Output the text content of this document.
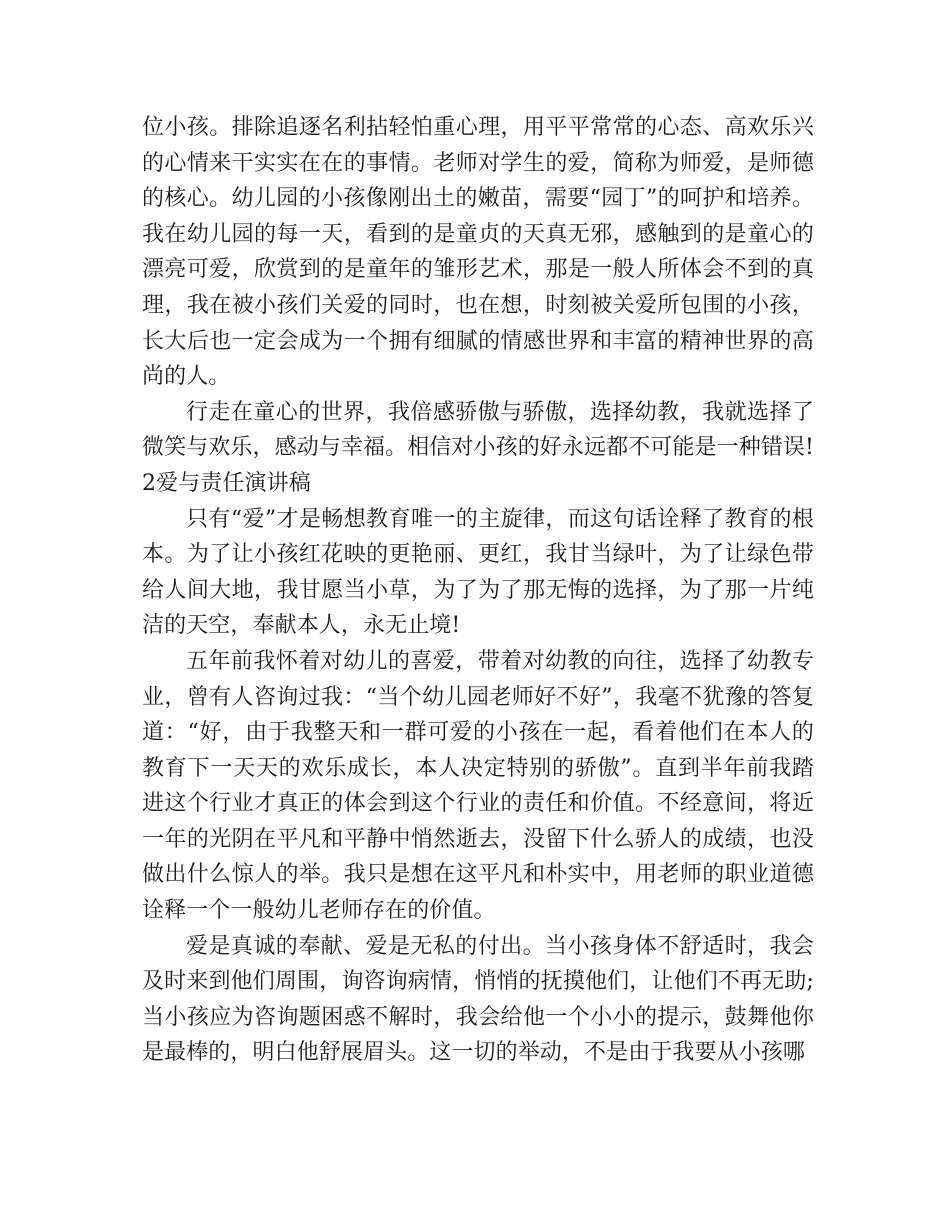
位小孩。排除追逐名利拈轻怕重心理，用平平常常的心态、高欢乐兴的心情来干实实在在的事情。老师对学生的爱，简称为师爱，是师德的核心。幼儿园的小孩像刚出土的嫩苗，需要“园丁”的呵护和培养。我在幼儿园的每一天，看到的是童贞的天真无邪，感触到的是童心的漂亮可爱，欣赏到的是童年的雏形艺术，那是一般人所体会不到的真理，我在被小孩们关爱的同时，也在想，时刻被关爱所包围的小孩，长大后也一定会成为一个拥有细腻的情感世界和丰富的精神世界的高尚的人。

行走在童心的世界，我倍感骄傲与骄傲，选择幼教，我就选择了微笑与欢乐，感动与幸福。相信对小孩的好永远都不可能是一种错误!

2爱与责任演讲稿

只有“爱”才是畅想教育唯一的主旋律，而这句话诠释了教育的根本。为了让小孩红花映的更艳丽、更红，我甘当绿叶，为了让绿色带给人间大地，我甘愿当小草，为了为了那无悔的选择，为了那一片纯洁的天空，奉献本人，永无止境!

五年前我怀着对幼儿的喜爱，带着对幼教的向往，选择了幼教专业，曾有人咨询过我：“当个幼儿园老师好不好”，我毫不犹豫的答复道：“好，由于我整天和一群可爱的小孩在一起，看着他们在本人的教育下一天天的欢乐成长，本人决定特别的骄傲”。直到半年前我踏进这个行业才真正的体会到这个行业的责任和价值。不经意间，将近一年的光阴在平凡和平静中悄然逝去，没留下什么骄人的成绩，也没做出什么惊人的举。我只是想在这平凡和朴实中，用老师的职业道德诠释一个一般幼儿老师存在的价值。

爱是真诚的奉献、爱是无私的付出。当小孩身体不舒适时，我会及时来到他们周围，询咨询病情，悄悄的抚摸他们，让他们不再无助;当小孩应为咨询题困惑不解时，我会给他一个小小的提示，鼓舞他你是最棒的，明白他舒展眉头。这一切的举动，不是由于我要从小孩哪
